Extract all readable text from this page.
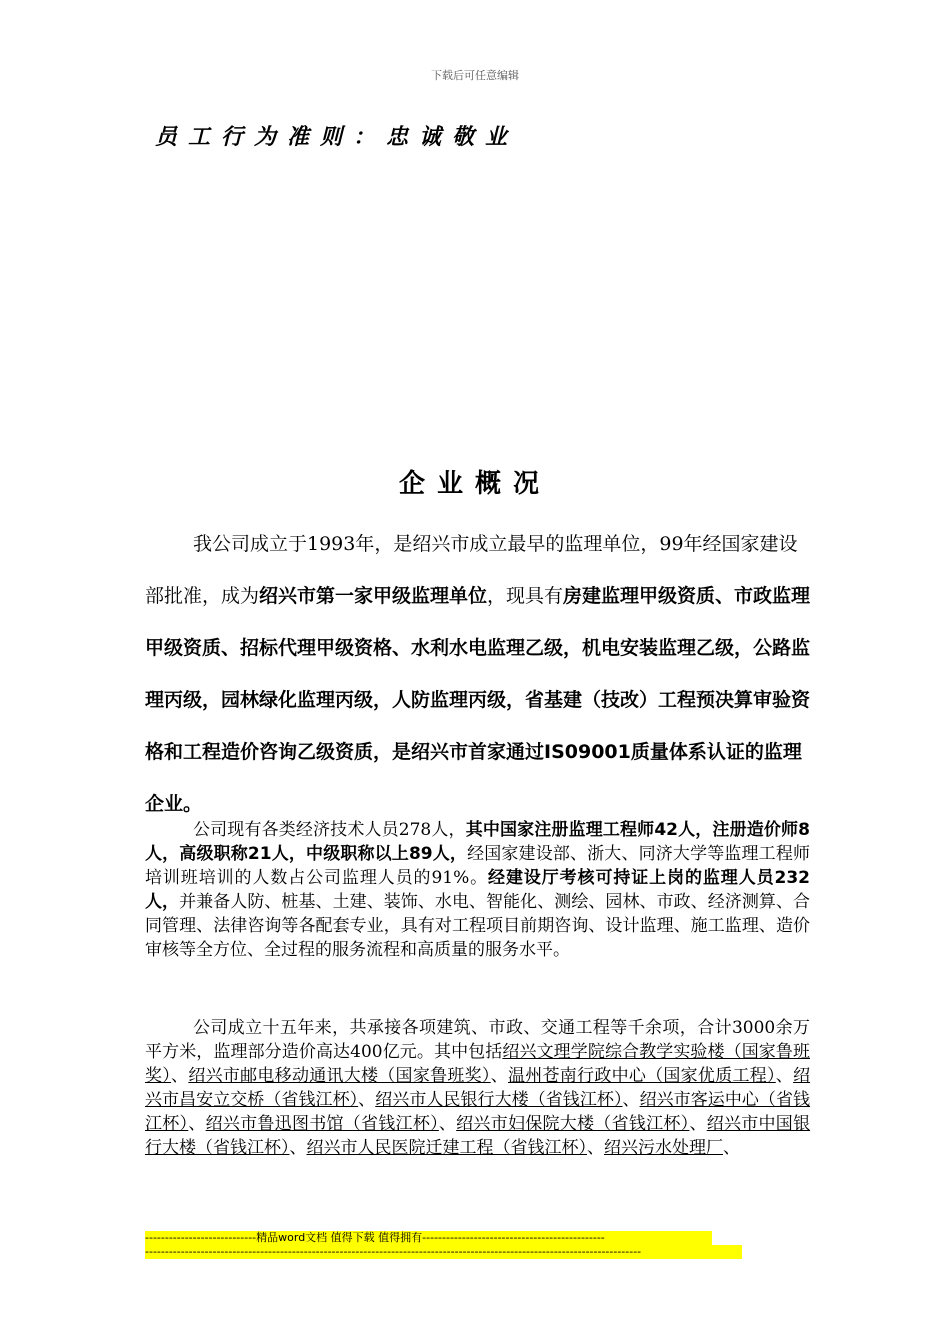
下载后可任意编辑
员工行为准则：忠诚敬业
企业概况
我公司成立于1993年，是绍兴市成立最早的监理单位，99年经国家建设部批准，成为绍兴市第一家甲级监理单位，现具有房建监理甲级资质、市政监理甲级资质、招标代理甲级资格、水利水电监理乙级，机电安装监理乙级，公路监理丙级，园林绿化监理丙级，人防监理丙级，省基建（技改）工程预决算审验资格和工程造价咨询乙级资质，是绍兴市首家通过IS09001质量体系认证的监理企业。
公司现有各类经济技术人员278人，其中国家注册监理工程师42人，注册造价师8人，高级职称21人，中级职称以上89人，经国家建设部、浙大、同济大学等监理工程师培训班培训的人数占公司监理人员的91%。经建设厅考核可持证上岗的监理人员232人，并兼备人防、桩基、土建、装饰、水电、智能化、测绘、园林、市政、经济测算、合同管理、法律咨询等各配套专业，具有对工程项目前期咨询、设计监理、施工监理、造价审核等全方位、全过程的服务流程和高质量的服务水平。
公司成立十五年来，共承接各项建筑、市政、交通工程等千余项，合计3000余万平方米，监理部分造价高达400亿元。其中包括绍兴文理学院综合教学实验楼（国家鲁班奖）、绍兴市邮电移动通讯大楼（国家鲁班奖）、温州苍南行政中心（国家优质工程）、绍兴市昌安立交桥（省钱江杯）、绍兴市人民银行大楼（省钱江杯）、绍兴市客运中心（省钱江杯）、绍兴市鲁迅图书馆（省钱江杯）、绍兴市妇保院大楼（省钱江杯）、绍兴市中国银行大楼（省钱江杯）、绍兴市人民医院迁建工程（省钱江杯）、绍兴污水处理厂、
----------------------------精品word文档 值得下载 值得拥有----------------------------------------------
-----------------------------------------------------------------------------------------------------------------------------
